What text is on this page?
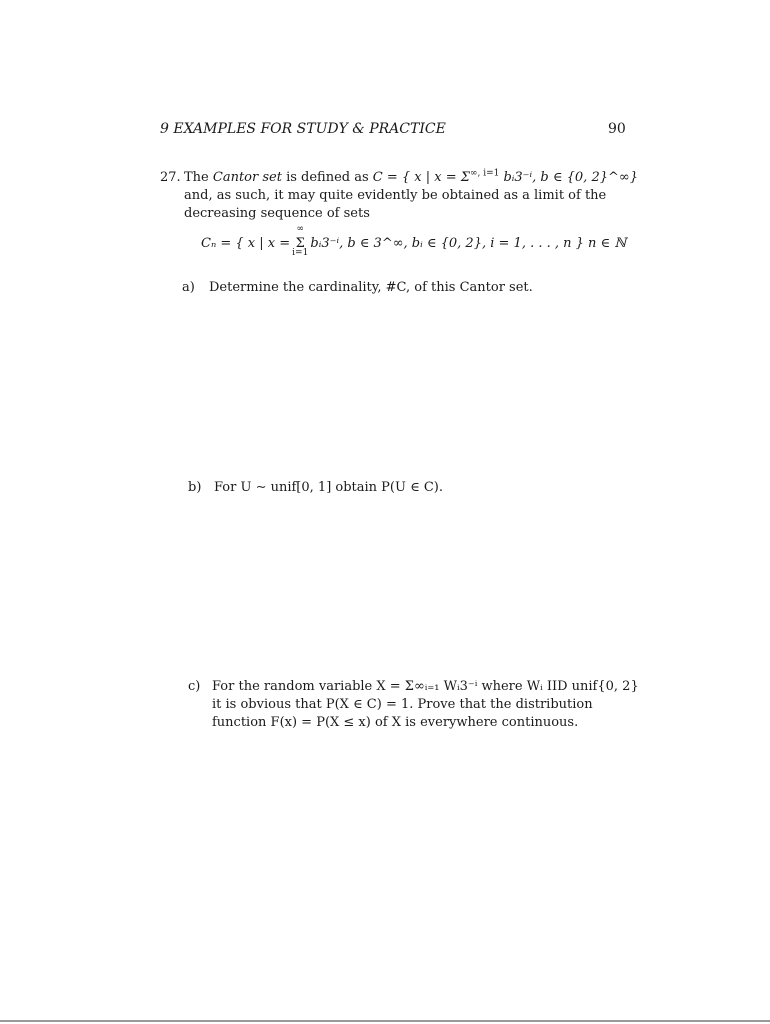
9 EXAMPLES FOR STUDY & PRACTICE	90
27. The Cantor set is defined as C = { x | $x = \Sigma^{\infty, i=1}$ bᵢ3⁻ⁱ, b ∈ {0, 2}^∞}
and, as such, it may quite evidently be obtained as a limit of the
decreasing sequence of sets
Cₙ = { x | x =
∞
Σ
i=1
bᵢ3⁻ⁱ, b ∈ 3^∞, bᵢ ∈ {0, 2}, i = 1, . . . , n } n ∈ ℕ
a) Determine the cardinality, #C, of this Cantor set.
b) For U ∼ unif[0, 1] obtain P(U ∈ C).
c) For the random variable X = Σ∞ᵢ₌₁ Wᵢ3⁻ⁱ where Wᵢ IID unif{0, 2}
it is obvious that P(X ∈ C) = 1. Prove that the distribution
function F(x) = P(X ≤ x) of X is everywhere continuous.
